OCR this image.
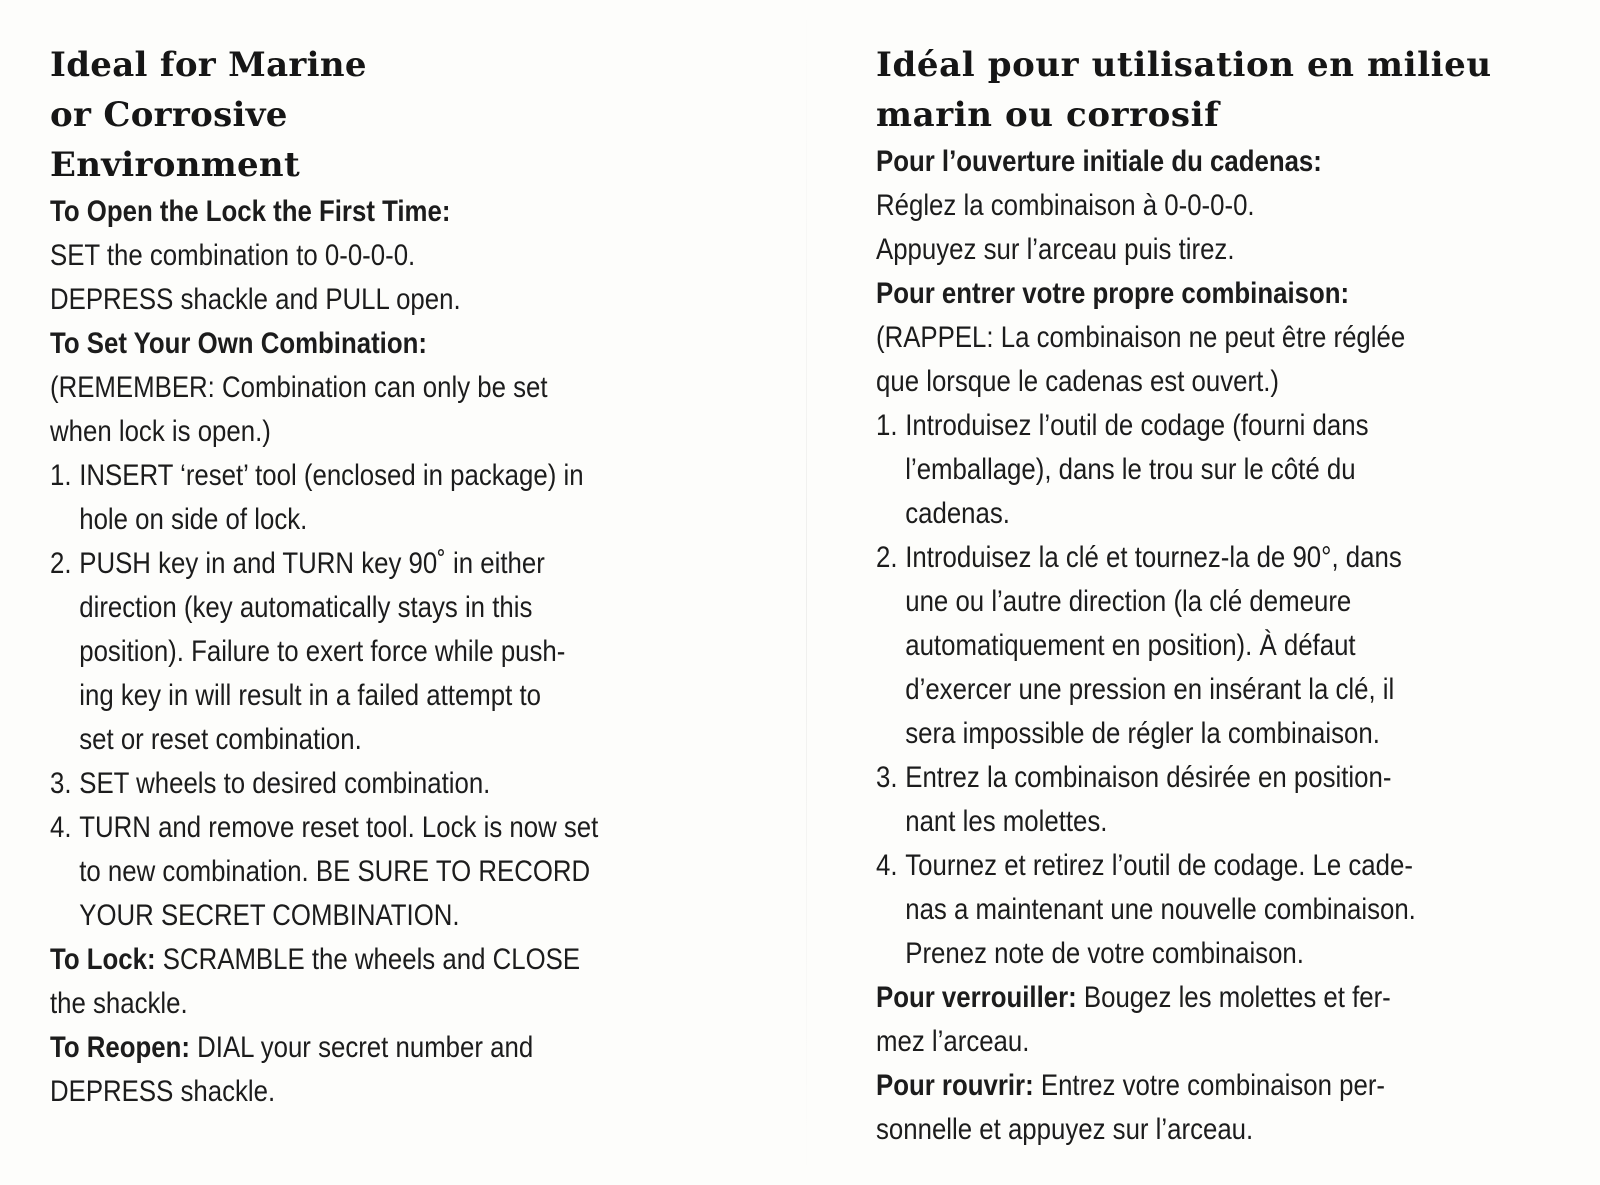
Ideal for Marine
or Corrosive
Environment

To Open the Lock the First Time:

SET the combination to 0-0-0-0.

DEPRESS shackle and PULL open.

To Set Your Own Combination:

(REMEMBER: Combination can only be set

when lock is open.)

1. INSERT ‘reset’ tool (enclosed in package) in
hole on side of lock.
2. PUSH key in and TURN key 90˚ in either
direction (key automatically stays in this
position). Failure to exert force while push-
ing key in will result in a failed attempt to
set or reset combination.
3. SET wheels to desired combination.
4. TURN and remove reset tool. Lock is now set
to new combination. BE SURE TO RECORD
YOUR SECRET COMBINATION.
To Lock: SCRAMBLE the wheels and CLOSE
the shackle.
To Reopen: DIAL your secret number and
DEPRESS shackle.
Idéal pour utilisation en milieu
marin ou corrosif

Pour l’ouverture initiale du cadenas:

Réglez la combinaison à 0-0-0-0.

Appuyez sur l’arceau puis tirez.

Pour entrer votre propre combinaison:

(RAPPEL: La combinaison ne peut être réglée

que lorsque le cadenas est ouvert.)

1. Introduisez l’outil de codage (fourni dans
l’emballage), dans le trou sur le côté du
cadenas.
2. Introduisez la clé et tournez-la de 90°, dans
une ou l’autre direction (la clé demeure
automatiquement en position). À défaut
d’exercer une pression en insérant la clé, il
sera impossible de régler la combinaison.
3. Entrez la combinaison désirée en position-
nant les molettes.
4. Tournez et retirez l’outil de codage. Le cade-
nas a maintenant une nouvelle combinaison.
Prenez note de votre combinaison.
Pour verrouiller: Bougez les molettes et fer-
mez l’arceau.
Pour rouvrir: Entrez votre combinaison per-
sonnelle et appuyez sur l’arceau.
